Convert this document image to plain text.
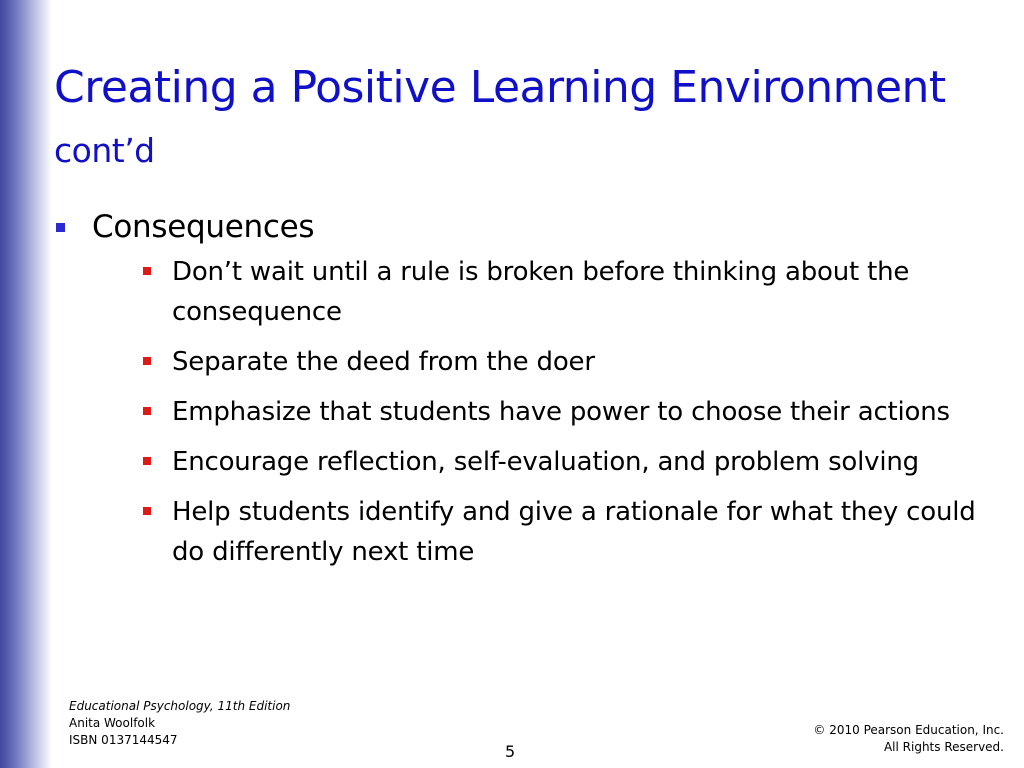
Creating a Positive Learning Environment cont’d
Consequences
Don’t wait until a rule is broken before thinking about the consequence
Separate the deed from the doer
Emphasize that students have power to choose their actions
Encourage reflection, self-evaluation, and problem solving
Help students identify and give a rationale for what they could do differently next time
Educational Psychology, 11th Edition
Anita Woolfolk
ISBN 0137144547
© 2010 Pearson Education, Inc.
All Rights Reserved.
5
